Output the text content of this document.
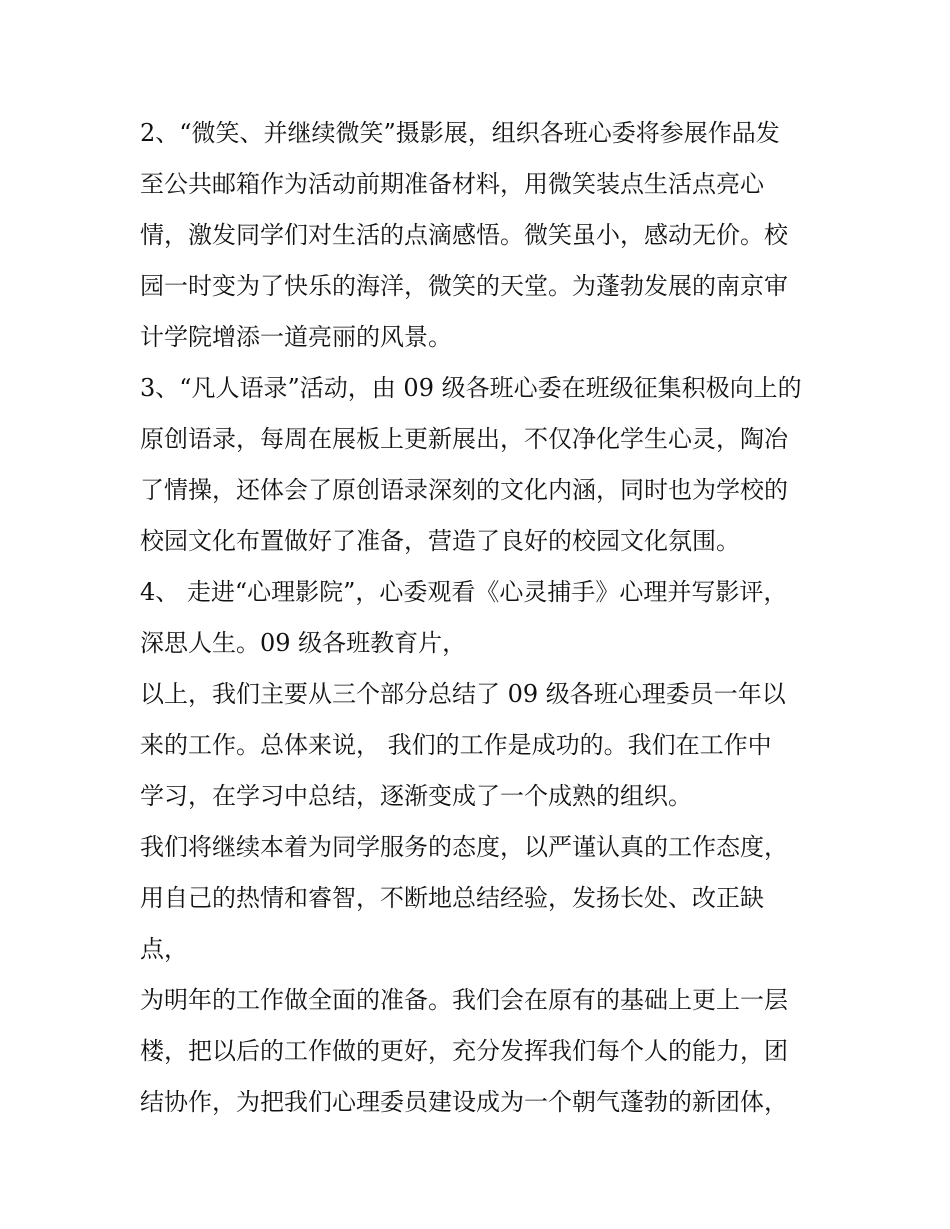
2、“微笑、并继续微笑”摄影展，组织各班心委将参展作品发
至公共邮箱作为活动前期准备材料，用微笑装点生活点亮心
情，激发同学们对生活的点滴感悟。微笑虽小，感动无价。校
园一时变为了快乐的海洋，微笑的天堂。为蓬勃发展的南京审
计学院增添一道亮丽的风景。
3、“凡人语录”活动，由 09 级各班心委在班级征集积极向上的
原创语录，每周在展板上更新展出，不仅净化学生心灵，陶冶
了情操，还体会了原创语录深刻的文化内涵，同时也为学校的
校园文化布置做好了准备，营造了良好的校园文化氛围。
4、 走进“心理影院”，心委观看《心灵捕手》心理并写影评，
深思人生。09 级各班教育片，
以上，我们主要从三个部分总结了 09 级各班心理委员一年以
来的工作。总体来说， 我们的工作是成功的。我们在工作中
学习，在学习中总结，逐渐变成了一个成熟的组织。
我们将继续本着为同学服务的态度，以严谨认真的工作态度，
用自己的热情和睿智，不断地总结经验，发扬长处、改正缺
点，
为明年的工作做全面的准备。我们会在原有的基础上更上一层
楼，把以后的工作做的更好，充分发挥我们每个人的能力，团
结协作，为把我们心理委员建设成为一个朝气蓬勃的新团体，
